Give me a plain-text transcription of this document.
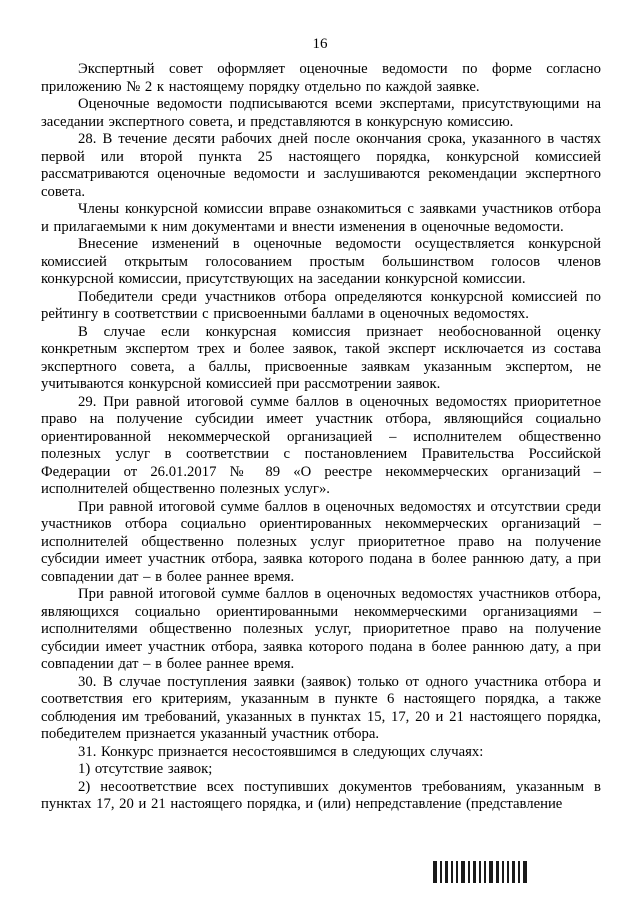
16

Экспертный совет оформляет оценочные ведомости по форме согласно приложению № 2 к настоящему порядку отдельно по каждой заявке.

Оценочные ведомости подписываются всеми экспертами, присутствующими на заседании экспертного совета, и представляются в конкурсную комиссию.

28. В течение десяти рабочих дней после окончания срока, указанного в частях первой или второй пункта 25 настоящего порядка, конкурсной комиссией рассматриваются оценочные ведомости и заслушиваются рекомендации экспертного совета.

Члены конкурсной комиссии вправе ознакомиться с заявками участников отбора и прилагаемыми к ним документами и внести изменения в оценочные ведомости.

Внесение изменений в оценочные ведомости осуществляется конкурсной комиссией открытым голосованием простым большинством голосов членов конкурсной комиссии, присутствующих на заседании конкурсной комиссии.

Победители среди участников отбора определяются конкурсной комиссией по рейтингу в соответствии с присвоенными баллами в оценочных ведомостях.

В случае если конкурсная комиссия признает необоснованной оценку конкретным экспертом трех и более заявок, такой эксперт исключается из состава экспертного совета, а баллы, присвоенные заявкам указанным экспертом, не учитываются конкурсной комиссией при рассмотрении заявок.

29. При равной итоговой сумме баллов в оценочных ведомостях приоритетное право на получение субсидии имеет участник отбора, являющийся социально ориентированной некоммерческой организацией – исполнителем общественно полезных услуг в соответствии с постановлением Правительства Российской Федерации от 26.01.2017 № 89 «О реестре некоммерческих организаций – исполнителей общественно полезных услуг».

При равной итоговой сумме баллов в оценочных ведомостях и отсутствии среди участников отбора социально ориентированных некоммерческих организаций – исполнителей общественно полезных услуг приоритетное право на получение субсидии имеет участник отбора, заявка которого подана в более раннюю дату, а при совпадении дат – в более раннее время.

При равной итоговой сумме баллов в оценочных ведомостях участников отбора, являющихся социально ориентированными некоммерческими организациями – исполнителями общественно полезных услуг, приоритетное право на получение субсидии имеет участник отбора, заявка которого подана в более раннюю дату, а при совпадении дат – в более раннее время.

30. В случае поступления заявки (заявок) только от одного участника отбора и соответствия его критериям, указанным в пункте 6 настоящего порядка, а также соблюдения им требований, указанных в пунктах 15, 17, 20 и 21 настоящего порядка, победителем признается указанный участник отбора.

31. Конкурс признается несостоявшимся в следующих случаях:

1) отсутствие заявок;

2) несоответствие всех поступивших документов требованиям, указанным в пунктах 17, 20 и 21 настоящего порядка, и (или) непредставление (представление
